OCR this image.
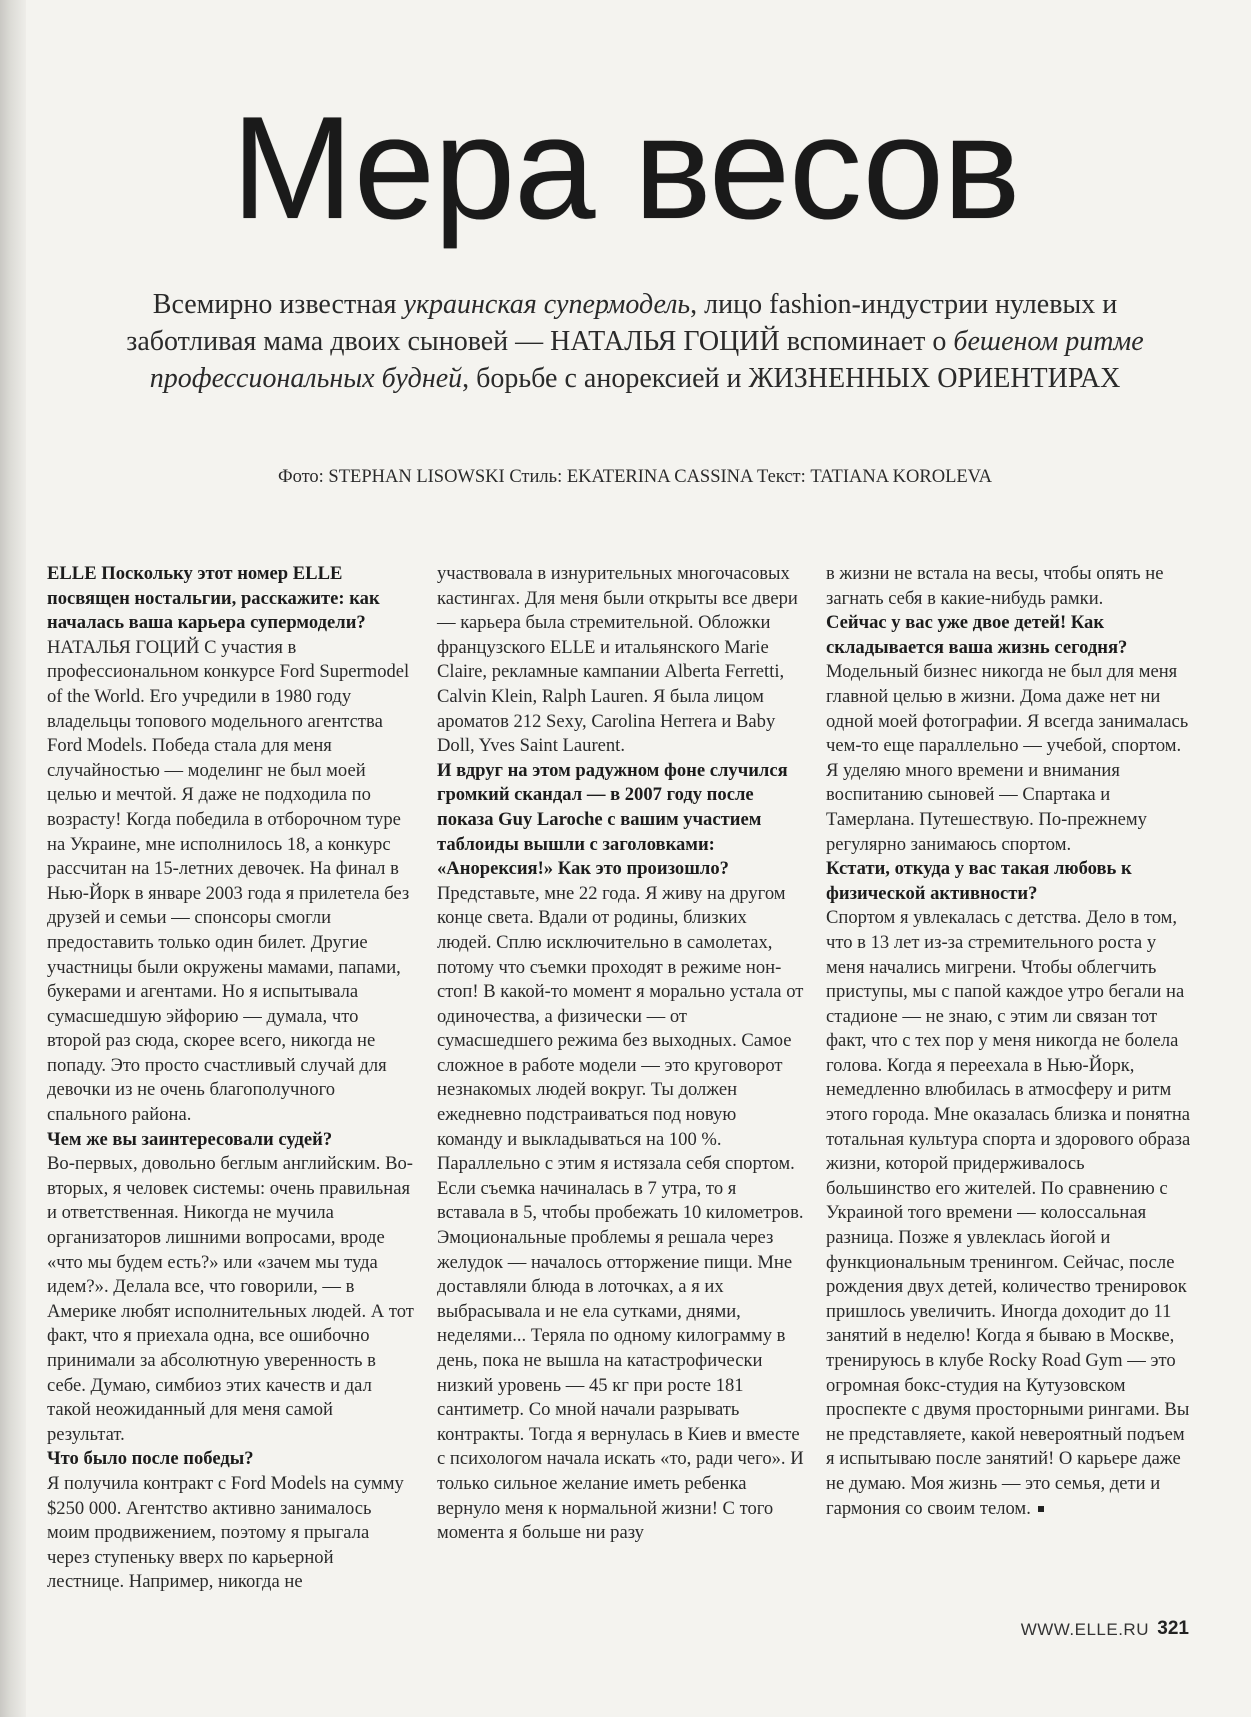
Мера весов
Всемирно известная украинская супермодель, лицо fashion-индустрии нулевых и заботливая мама двоих сыновей — НАТАЛЬЯ ГОЦИЙ вспоминает о бешеном ритме профессиональных будней, борьбе с анорексией и ЖИЗНЕННЫХ ОРИЕНТИРАХ
Фото: STEPHAN LISOWSKI Стиль: EKATERINA CASSINA Текст: TATIANA KOROLEVA

ELLE Поскольку этот номер ELLE посвящен ностальгии, расскажите: как началась ваша карьера супермодели? НАТАЛЬЯ ГОЦИЙ С участия в профессиональном конкурсе Ford Supermodel of the World. Его учредили в 1980 году владельцы топового модельного агентства Ford Models. Победа стала для меня случайностью — моделинг не был моей целью и мечтой. Я даже не подходила по возрасту! Когда победила в отборочном туре на Украине, мне исполнилось 18, а конкурс рассчитан на 15-летних девочек. На финал в Нью-Йорк в январе 2003 года я прилетела без друзей и семьи — спонсоры смогли предоставить только один билет. Другие участницы были окружены мамами, папами, букерами и агентами. Но я испытывала сумасшедшую эйфорию — думала, что второй раз сюда, скорее всего, никогда не попаду. Это просто счастливый случай для девочки из не очень благополучного спального района.

Чем же вы заинтересовали судей?

Во-первых, довольно беглым английским. Во-вторых, я человек системы: очень правильная и ответственная. Никогда не мучила организаторов лишними вопросами, вроде «что мы будем есть?» или «зачем мы туда идем?». Делала все, что говорили, — в Америке любят исполнительных людей. А тот факт, что я приехала одна, все ошибочно принимали за абсолютную уверенность в себе. Думаю, симбиоз этих качеств и дал такой неожиданный для меня самой результат.

Что было после победы?

Я получила контракт с Ford Models на сумму $250 000. Агентство активно занималось моим продвижением, поэтому я прыгала через ступеньку вверх по карьерной лестнице. Например, никогда не

участвовала в изнурительных многочасовых кастингах. Для меня были открыты все двери — карьера была стремительной. Обложки французского ELLE и итальянского Marie Claire, рекламные кампании Alberta Ferretti, Calvin Klein, Ralph Lauren. Я была лицом ароматов 212 Sexy, Carolina Herrera и Baby Doll, Yves Saint Laurent.

И вдруг на этом радужном фоне случился громкий скандал — в 2007 году после показа Guy Laroche с вашим участием таблоиды вышли с заголовками: «Анорексия!» Как это произошло?

Представьте, мне 22 года. Я живу на другом конце света. Вдали от родины, близких людей. Сплю исключительно в самолетах, потому что съемки проходят в режиме нон-стоп! В какой-то момент я морально устала от одиночества, а физически — от сумасшедшего режима без выходных. Самое сложное в работе модели — это круговорот незнакомых людей вокруг. Ты должен ежедневно подстраиваться под новую команду и выкладываться на 100 %. Параллельно с этим я истязала себя спортом. Если съемка начиналась в 7 утра, то я вставала в 5, чтобы пробежать 10 километров. Эмоциональные проблемы я решала через желудок — началось отторжение пищи. Мне доставляли блюда в лоточках, а я их выбрасывала и не ела сутками, днями, неделями... Теряла по одному килограмму в день, пока не вышла на катастрофически низкий уровень — 45 кг при росте 181 сантиметр. Со мной начали разрывать контракты. Тогда я вернулась в Киев и вместе с психологом начала искать «то, ради чего». И только сильное желание иметь ребенка вернуло меня к нормальной жизни! С того момента я больше ни разу

в жизни не встала на весы, чтобы опять не загнать себя в какие-нибудь рамки.

Сейчас у вас уже двое детей! Как складывается ваша жизнь сегодня?

Модельный бизнес никогда не был для меня главной целью в жизни. Дома даже нет ни одной моей фотографии. Я всегда занималась чем-то еще параллельно — учебой, спортом. Я уделяю много времени и внимания воспитанию сыновей — Спартака и Тамерлана. Путешествую. По-прежнему регулярно занимаюсь спортом.

Кстати, откуда у вас такая любовь к физической активности?

Спортом я увлекалась с детства. Дело в том, что в 13 лет из-за стремительного роста у меня начались мигрени. Чтобы облегчить приступы, мы с папой каждое утро бегали на стадионе — не знаю, с этим ли связан тот факт, что с тех пор у меня никогда не болела голова. Когда я переехала в Нью-Йорк, немедленно влюбилась в атмосферу и ритм этого города. Мне оказалась близка и понятна тотальная культура спорта и здорового образа жизни, которой придерживалось большинство его жителей. По сравнению с Украиной того времени — колоссальная разница. Позже я увлеклась йогой и функциональным тренингом. Сейчас, после рождения двух детей, количество тренировок пришлось увеличить. Иногда доходит до 11 занятий в неделю! Когда я бываю в Москве, тренируюсь в клубе Rocky Road Gym — это огромная бокс-студия на Кутузовском проспекте с двумя просторными рингами. Вы не представляете, какой невероятный подъем я испытываю после занятий! О карьере даже не думаю. Моя жизнь — это семья, дети и гармония со своим телом.

WWW.ELLE.RU 321
